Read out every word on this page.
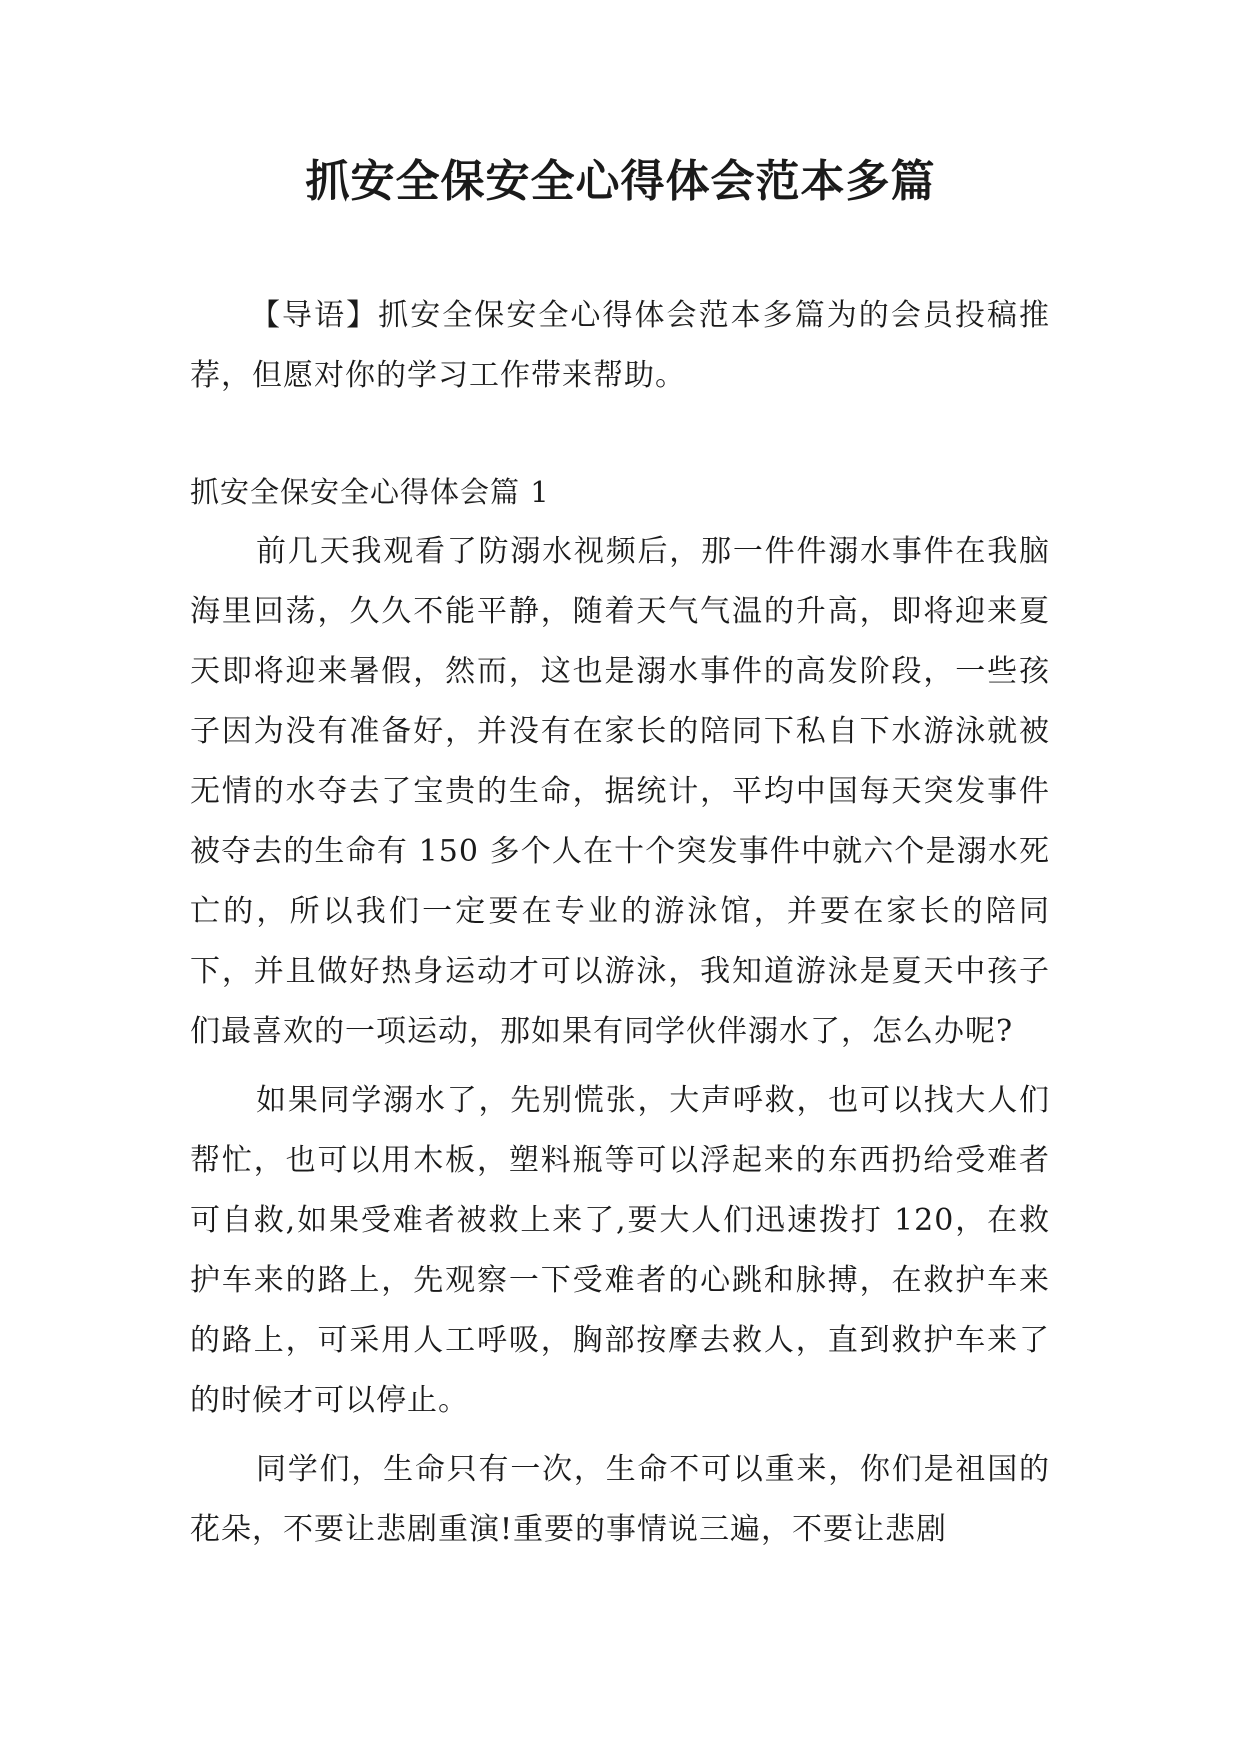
抓安全保安全心得体会范本多篇
【导语】抓安全保安全心得体会范本多篇为的会员投稿推荐，但愿对你的学习工作带来帮助。
抓安全保安全心得体会篇 1

前几天我观看了防溺水视频后，那一件件溺水事件在我脑海里回荡，久久不能平静，随着天气气温的升高，即将迎来夏天即将迎来暑假，然而，这也是溺水事件的高发阶段，一些孩子因为没有准备好，并没有在家长的陪同下私自下水游泳就被无情的水夺去了宝贵的生命，据统计，平均中国每天突发事件被夺去的生命有 150 多个人在十个突发事件中就六个是溺水死亡的，所以我们一定要在专业的游泳馆，并要在家长的陪同下，并且做好热身运动才可以游泳，我知道游泳是夏天中孩子们最喜欢的一项运动，那如果有同学伙伴溺水了，怎么办呢?

如果同学溺水了，先别慌张，大声呼救，也可以找大人们帮忙，也可以用木板，塑料瓶等可以浮起来的东西扔给受难者可自救,如果受难者被救上来了,要大人们迅速拨打 120，在救护车来的路上，先观察一下受难者的心跳和脉搏，在救护车来的路上，可采用人工呼吸，胸部按摩去救人，直到救护车来了的时候才可以停止。

同学们，生命只有一次，生命不可以重来，你们是祖国的花朵，不要让悲剧重演!重要的事情说三遍，不要让悲剧
